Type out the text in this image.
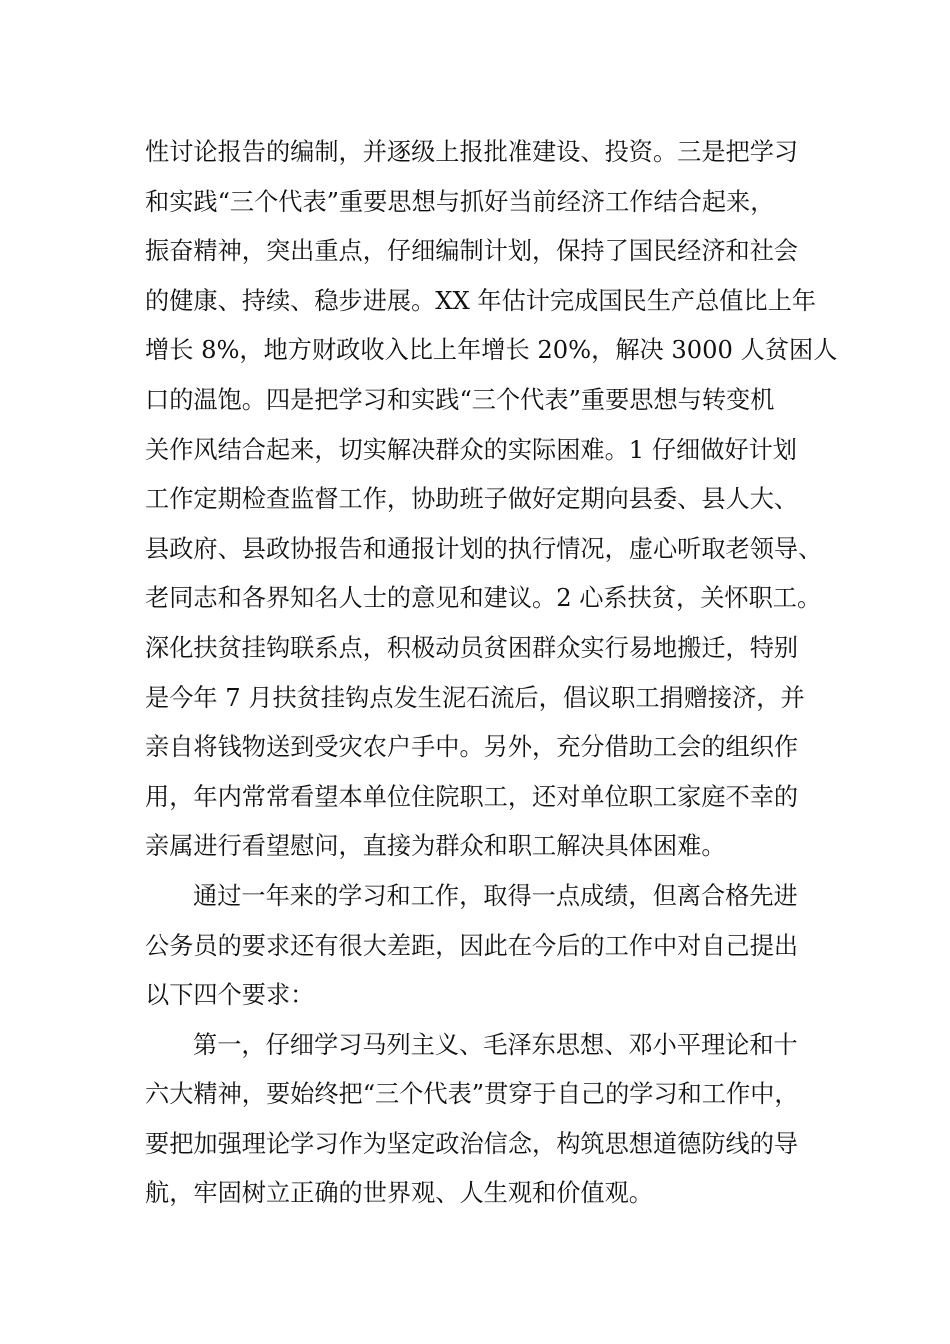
性讨论报告的编制，并逐级上报批准建设、投资。三是把学习
和实践“三个代表”重要思想与抓好当前经济工作结合起来，
振奋精神，突出重点，仔细编制计划，保持了国民经济和社会
的健康、持续、稳步进展。XX 年估计完成国民生产总值比上年
增长 8%，地方财政收入比上年增长 20%，解决 3000 人贫困人
口的温饱。四是把学习和实践“三个代表”重要思想与转变机
关作风结合起来，切实解决群众的实际困难。1 仔细做好计划
工作定期检查监督工作，协助班子做好定期向县委、县人大、
县政府、县政协报告和通报计划的执行情况，虚心听取老领导、
老同志和各界知名人士的意见和建议。2 心系扶贫，关怀职工。
深化扶贫挂钩联系点，积极动员贫困群众实行易地搬迁，特别
是今年 7 月扶贫挂钩点发生泥石流后，倡议职工捐赠接济，并
亲自将钱物送到受灾农户手中。另外，充分借助工会的组织作
用，年内常常看望本单位住院职工，还对单位职工家庭不幸的
亲属进行看望慰问，直接为群众和职工解决具体困难。
通过一年来的学习和工作，取得一点成绩，但离合格先进
公务员的要求还有很大差距，因此在今后的工作中对自己提出
以下四个要求：
第一，仔细学习马列主义、毛泽东思想、邓小平理论和十
六大精神，要始终把“三个代表”贯穿于自己的学习和工作中，
要把加强理论学习作为坚定政治信念，构筑思想道德防线的导
航，牢固树立正确的世界观、人生观和价值观。
